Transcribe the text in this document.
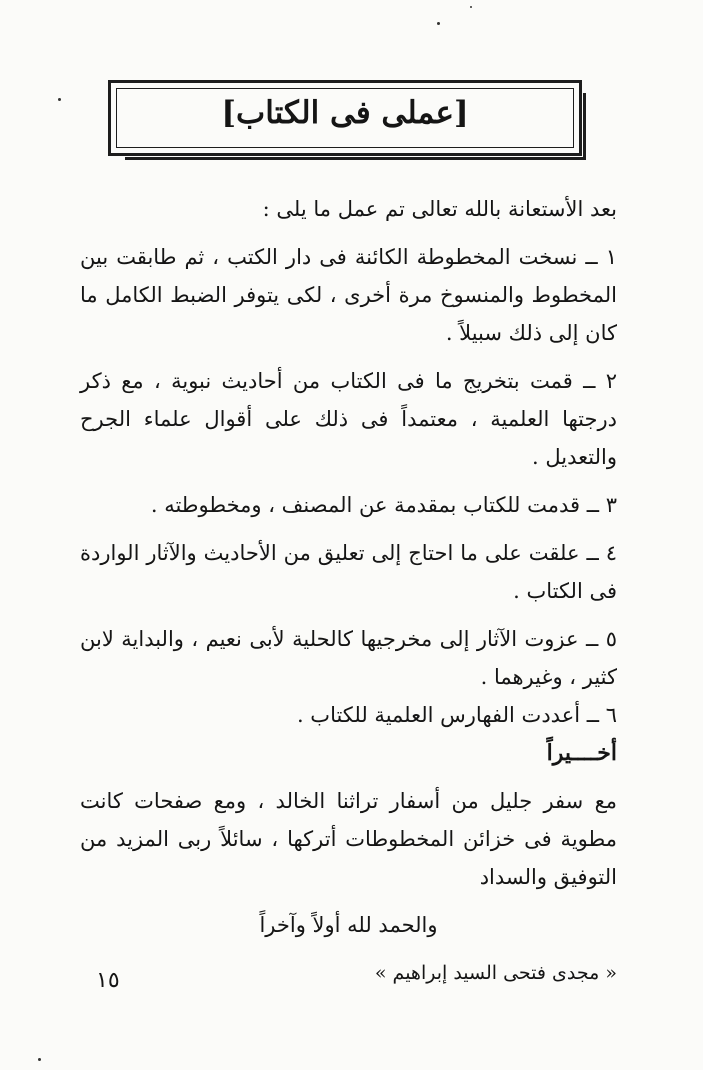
[عملى فى الكتاب]

بعد الأستعانة بالله تعالى تم عمل ما يلى :

١ ــ نسخت المخطوطة الكائنة فى دار الكتب ، ثم طابقت بين المخطوط والمنسوخ مرة أخرى ، لكى يتوفر الضبط الكامل ما كان إلى ذلك سبيلاً .

٢ ــ قمت بتخريج ما فى الكتاب من أحاديث نبوية ، مع ذكر درجتها العلمية ، معتمداً فى ذلك على أقوال علماء الجرح والتعديل .

٣ ــ قدمت للكتاب بمقدمة عن المصنف ، ومخطوطته .

٤ ــ علقت على ما احتاج إلى تعليق من الأحاديث والآثار الواردة فى الكتاب .

٥ ــ عزوت الآثار إلى مخرجيها كالحلية لأبى نعيم ، والبداية لابن كثير ، وغيرهما .

٦ ــ أعددت الفهارس العلمية للكتاب .

أخــــيراً

مع سفر جليل من أسفار تراثنا الخالد ، ومع صفحات كانت مطوية فى خزائن المخطوطات أتركها ، سائلاً ربى المزيد من التوفيق والسداد

والحمد لله أولاً وآخراً

« مجدى فتحى السيد إبراهيم »

١٥
